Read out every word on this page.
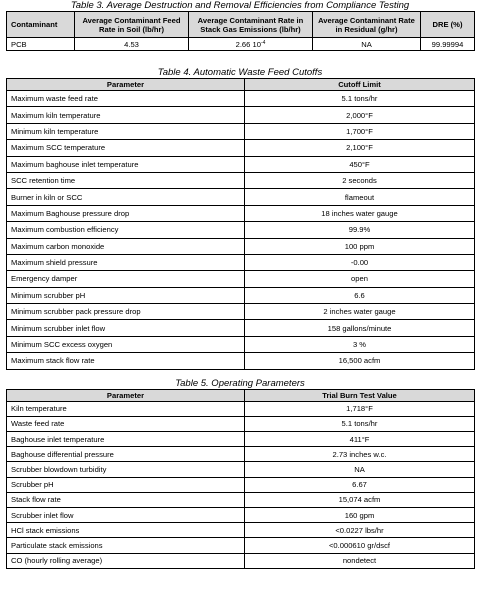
Table 3. Average Destruction and Removal Efficiencies from Compliance Testing
Contaminant	Average Contaminant Feed Rate in Soil (lb/hr)	Average Contaminant Rate in Stack Gas Emissions (lb/hr)	Average Contaminant Rate in Residual (g/hr)	DRE (%)
PCB	4.53	2.66 $10^{-4}$	NA	99.99994
Table 4. Automatic Waste Feed Cutoffs
Parameter	Cutoff Limit
Maximum waste feed rate	5.1 tons/hr
Maximum kiln temperature	2,000°F
Minimum kiln temperature	1,700°F
Maximum SCC temperature	2,100°F
Maximum baghouse inlet temperature	450°F
SCC retention time	2 seconds
Burner in kiln or SCC	flameout
Maximum Baghouse pressure drop	18 inches water gauge
Maximum combustion efficiency	99.9%
Maximum carbon monoxide	100 ppm
Maximum shield pressure	-0.00
Emergency damper	open
Minimum scrubber pH	6.6
Minimum scrubber pack pressure drop	2 inches water gauge
Minimum scrubber inlet flow	158 gallons/minute
Minimum SCC excess oxygen	3 %
Maximum stack flow rate	16,500 acfm
Table 5. Operating Parameters
Parameter	Trial Burn Test Value
Kiln temperature	1,718°F
Waste feed rate	5.1 tons/hr
Baghouse inlet temperature	411°F
Baghouse differential pressure	2.73 inches w.c.
Scrubber blowdown turbidity	NA
Scrubber pH	6.67
Stack flow rate	15,074 acfm
Scrubber inlet flow	160 gpm
HCl stack emissions	<0.0227 lbs/hr
Particulate stack emissions	<0.000610 gr/dscf
CO (hourly rolling average)	nondetect
